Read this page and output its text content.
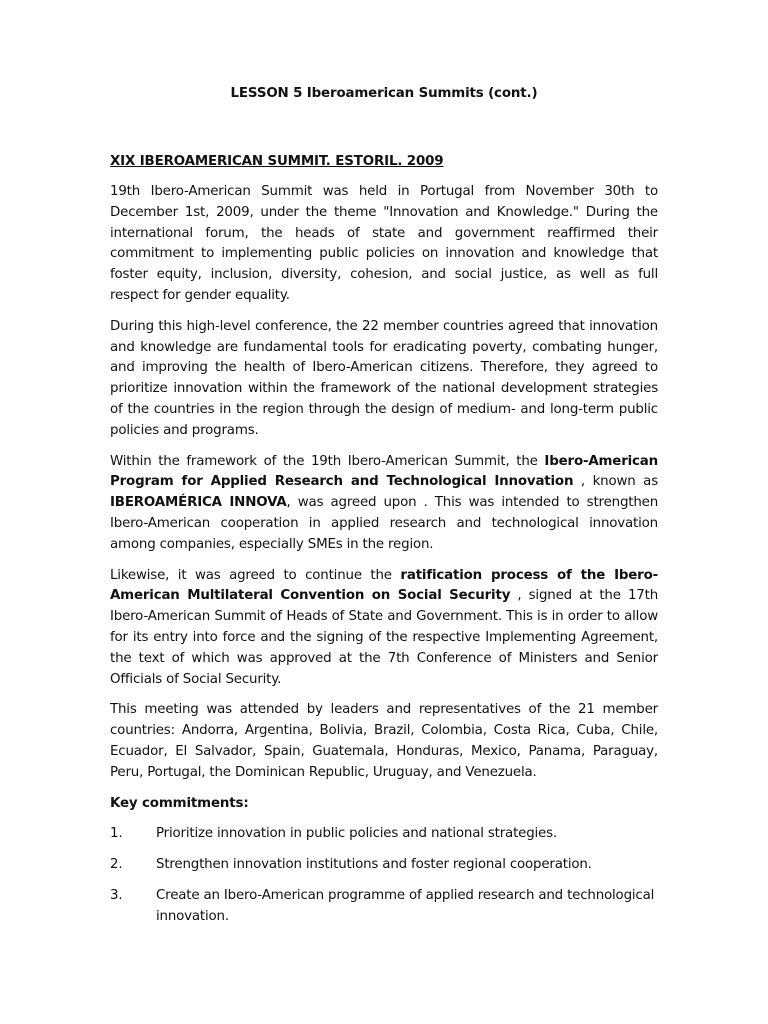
LESSON 5 Iberoamerican Summits (cont.)
XIX IBEROAMERICAN SUMMIT. ESTORIL. 2009

19th Ibero-American Summit was held in Portugal from November 30th to December 1st, 2009, under the theme "Innovation and Knowledge." During the international forum, the heads of state and government reaffirmed their commitment to implementing public policies on innovation and knowledge that foster equity, inclusion, diversity, cohesion, and social justice, as well as full respect for gender equality.

During this high-level conference, the 22 member countries agreed that innovation and knowledge are fundamental tools for eradicating poverty, combating hunger, and improving the health of Ibero-American citizens. Therefore, they agreed to prioritize innovation within the framework of the national development strategies of the countries in the region through the design of medium- and long-term public policies and programs.

Within the framework of the 19th Ibero-American Summit, the Ibero-American Program for Applied Research and Technological Innovation , known as IBEROAMÉRICA INNOVA, was agreed upon . This was intended to strengthen Ibero-American cooperation in applied research and technological innovation among companies, especially SMEs in the region.

Likewise, it was agreed to continue the ratification process of the Ibero-American Multilateral Convention on Social Security , signed at the 17th Ibero-American Summit of Heads of State and Government. This is in order to allow for its entry into force and the signing of the respective Implementing Agreement, the text of which was approved at the 7th Conference of Ministers and Senior Officials of Social Security.

This meeting was attended by leaders and representatives of the 21 member countries: Andorra, Argentina, Bolivia, Brazil, Colombia, Costa Rica, Cuba, Chile, Ecuador, El Salvador, Spain, Guatemala, Honduras, Mexico, Panama, Paraguay, Peru, Portugal, the Dominican Republic, Uruguay, and Venezuela.

Key commitments:
1.	Prioritize innovation in public policies and national strategies.
2.	Strengthen innovation institutions and foster regional cooperation.
3.	Create an Ibero-American programme of applied research and technological innovation.
